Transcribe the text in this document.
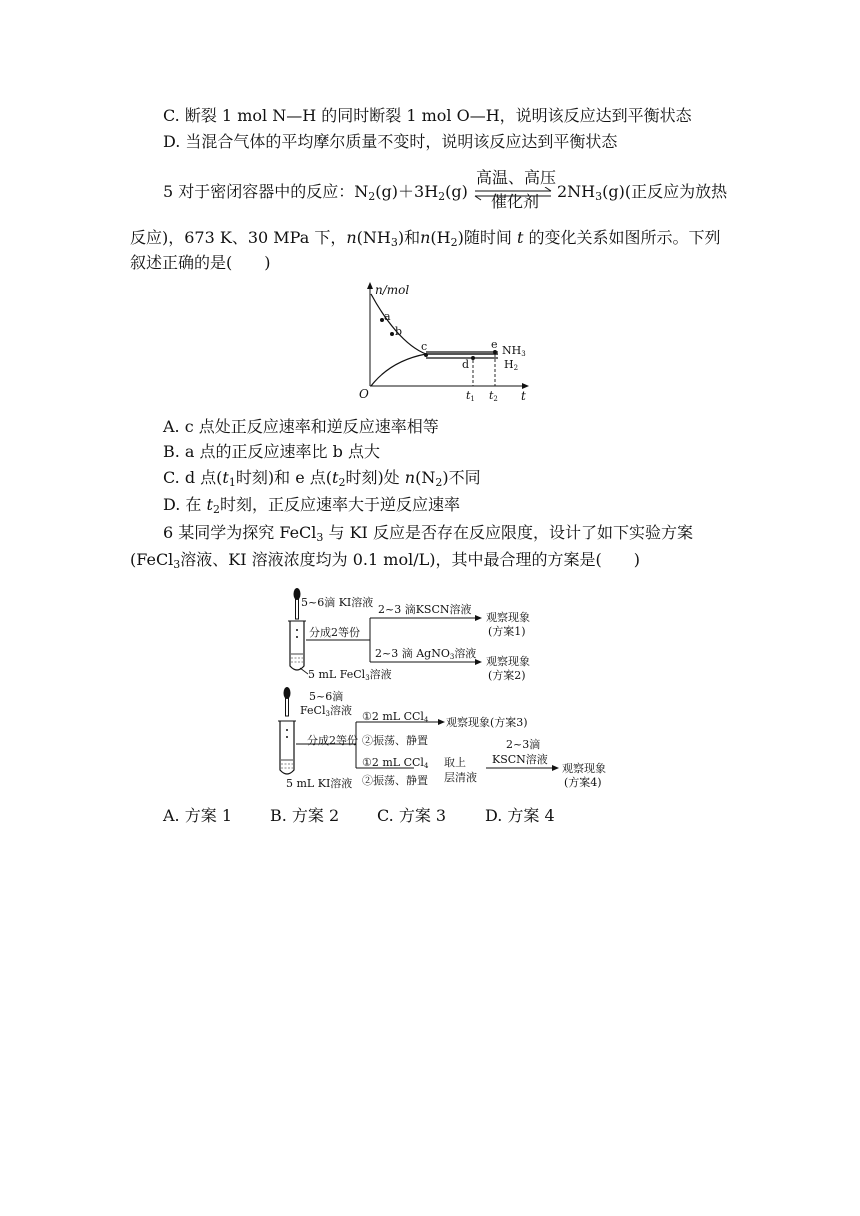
C. 断裂 1 mol N—H 的同时断裂 1 mol O—H，说明该反应达到平衡状态
D. 当混合气体的平均摩尔质量不变时，说明该反应达到平衡状态
5 对于密闭容器中的反应：$N_2(g)+3H_2(g)$
高温、高压
催化剂
$2NH_3(g)$(正反应为放热
反应)，673 K、30 MPa 下，$n(NH_3)$和$n(H_2)$随时间 t 的变化关系如图所示。下列
叙述正确的是(　　)
n/mol
O	t
a
b
c
d
e
t1 t2
NH3
H2
A. c 点处正反应速率和逆反应速率相等
B. a 点的正反应速率比 b 点大
C. d 点($t_1$时刻)和 e 点($t_2$时刻)处 $n(N_2)$不同
D. 在 $t_2$时刻，正反应速率大于逆反应速率
6 某同学为探究 FeCl$_3$ 与 KI 反应是否存在反应限度，设计了如下实验方案
(FeCl$_3$溶液、KI 溶液浓度均为 0.1 mol/L)，其中最合理的方案是(　　)
5~6滴 KI溶液
5 mL FeCl3溶液
分成2等份
2~3 滴KSCN溶液
2~3 滴 AgNO3溶液
观察现象
(方案1)
观察现象
(方案2)
5~6滴
FeCl3溶液
5 mL KI溶液
分成2等份
①2 mL CCl4
②振荡、静置
观察现象(方案3)
①2 mL CCl4
②振荡、静置
取上
层清液
2~3滴
KSCN溶液
观察现象
(方案4)
A. 方案 1 B. 方案 2 C. 方案 3 D. 方案 4
